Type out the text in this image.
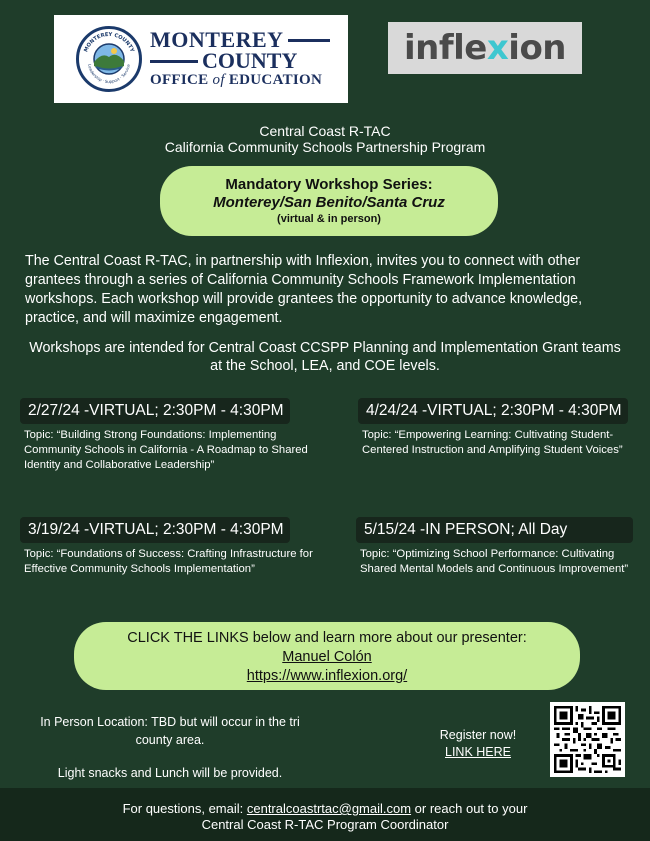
MONTEREY COUNTY
Leadership · Support · Service
MONTEREY
COUNTY
OFFICE of EDUCATION
infle x ion
Central Coast R-TAC
California Community Schools Partnership Program
Mandatory Workshop Series:
Monterey/San Benito/Santa Cruz
(virtual & in person)
The Central Coast R-TAC, in partnership with Inflexion, invites you to connect with other grantees through a series of California Community Schools Framework Implementation workshops. Each workshop will provide grantees the opportunity to advance knowledge, practice, and will maximize engagement.
Workshops are intended for Central Coast CCSPP Planning and Implementation Grant teams at the School, LEA, and COE levels.
2/27/24 -VIRTUAL; 2:30PM - 4:30PM
Topic: “Building Strong Foundations: Implementing Community Schools in California - A Roadmap to Shared Identity and Collaborative Leadership”
4/24/24 -VIRTUAL; 2:30PM - 4:30PM
Topic: “Empowering Learning: Cultivating Student-Centered Instruction and Amplifying Student Voices”
3/19/24 -VIRTUAL; 2:30PM - 4:30PM
Topic: “Foundations of Success: Crafting Infrastructure for Effective Community Schools Implementation”
5/15/24 -IN PERSON; All Day
Topic: “Optimizing School Performance: Cultivating Shared Mental Models and Continuous Improvement”
CLICK THE LINKS below and learn more about our presenter:
Manuel Colón
https://www.inflexion.org/
In Person Location: TBD but will occur in the tri county area.
Light snacks and Lunch will be provided.
Register now!
LINK HERE
For questions, email: centralcoastrtac@gmail.com or reach out to your
Central Coast R-TAC Program Coordinator
